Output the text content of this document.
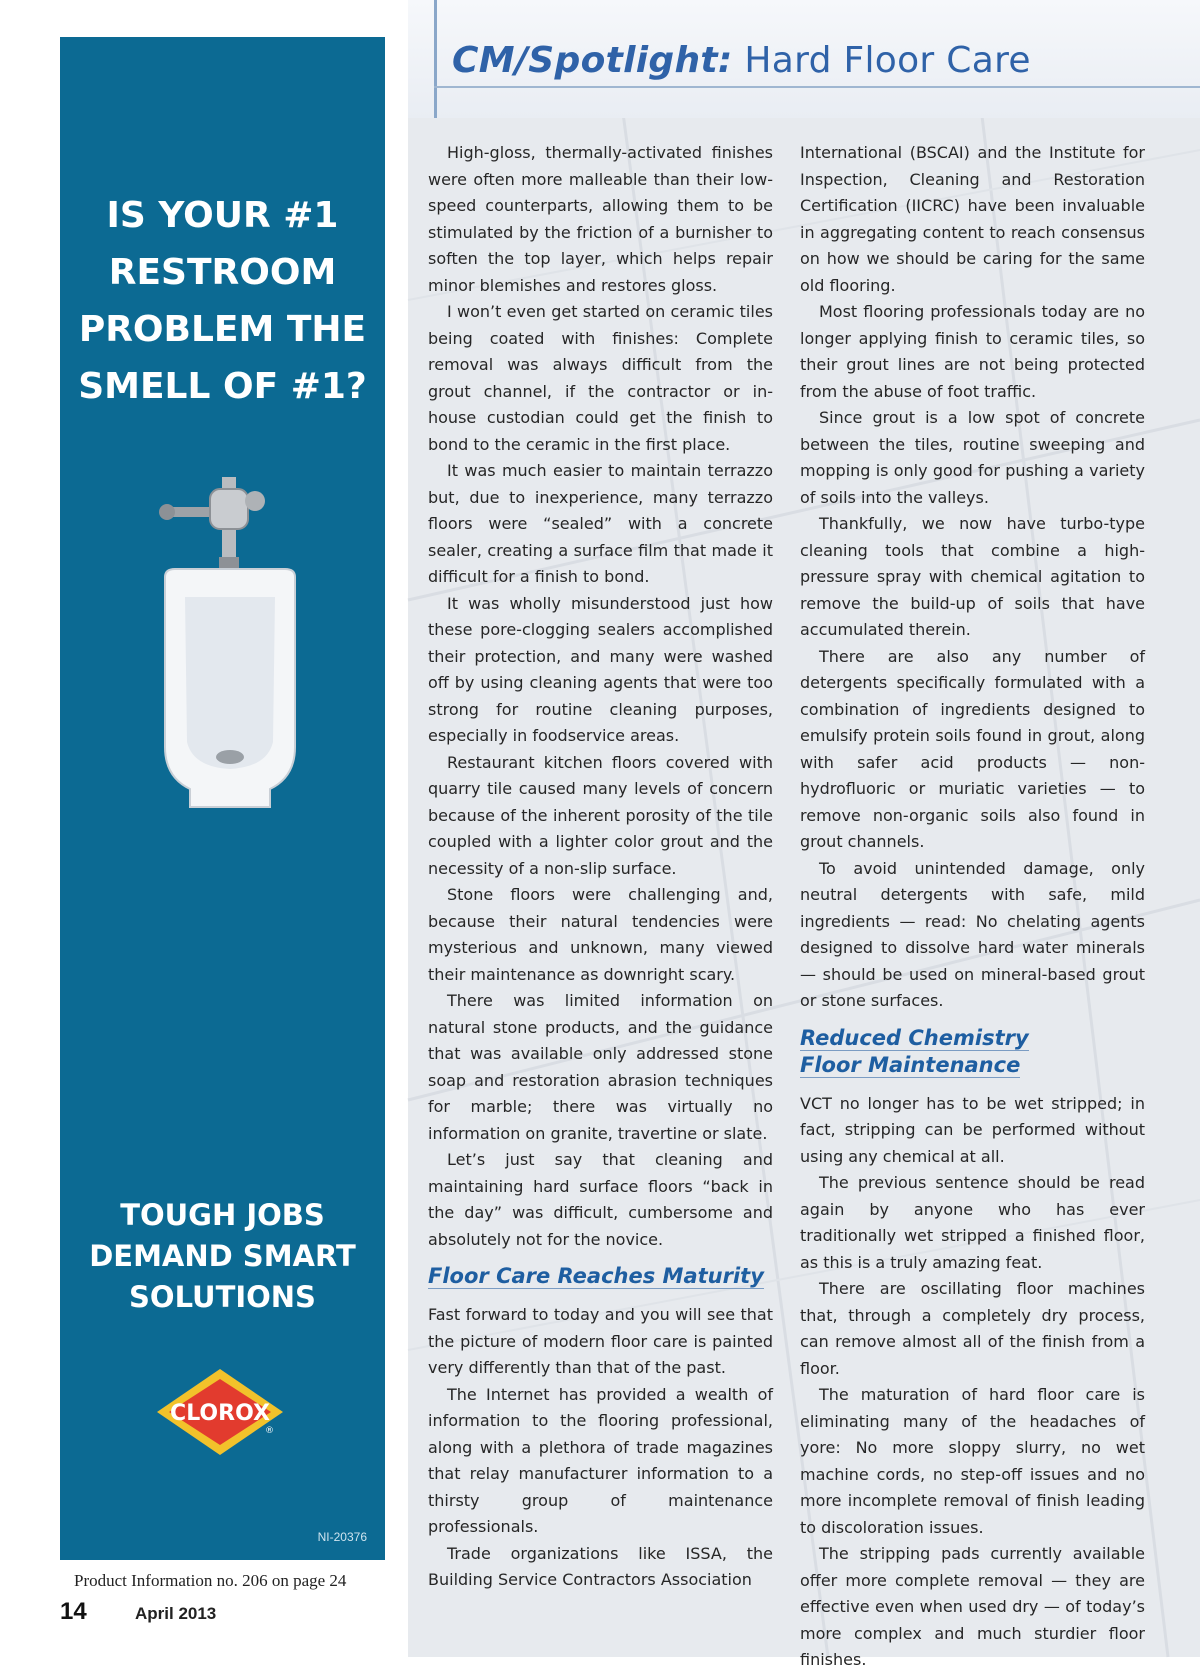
IS YOUR #1 RESTROOM PROBLEM THE SMELL OF #1?

TOUGH JOBS DEMAND SMART SOLUTIONS

CLOROX
®
NI-20376
Product Information no. 206 on page 24
14	April 2013
CM/Spotlight: Hard Floor Care

High-gloss, thermally-activated finishes were often more malleable than their low-speed counterparts, allowing them to be stimulated by the friction of a burnisher to soften the top layer, which helps repair minor blemishes and restores gloss.

I won’t even get started on ceramic tiles being coated with finishes: Complete removal was always difficult from the grout channel, if the contractor or in-house custodian could get the finish to bond to the ceramic in the first place.

It was much easier to maintain terrazzo but, due to inexperience, many terrazzo floors were “sealed” with a concrete sealer, creating a surface film that made it difficult for a finish to bond.

It was wholly misunderstood just how these pore-clogging sealers accomplished their protection, and many were washed off by using cleaning agents that were too strong for routine cleaning purposes, especially in foodservice areas.

Restaurant kitchen floors covered with quarry tile caused many levels of concern because of the inherent porosity of the tile coupled with a lighter color grout and the necessity of a non-slip surface.

Stone floors were challenging and, because their natural tendencies were mysterious and unknown, many viewed their maintenance as downright scary.

There was limited information on natural stone products, and the guidance that was available only addressed stone soap and restoration abrasion techniques for marble; there was virtually no information on granite, travertine or slate.

Let’s just say that cleaning and maintaining hard surface floors “back in the day” was difficult, cumbersome and absolutely not for the novice.

Floor Care Reaches Maturity

Fast forward to today and you will see that the picture of modern floor care is painted very differently than that of the past.

The Internet has provided a wealth of information to the flooring professional, along with a plethora of trade magazines that relay manufacturer information to a thirsty group of maintenance professionals.

Trade organizations like ISSA, the Building Service Contractors Association

International (BSCAI) and the Institute for Inspection, Cleaning and Restoration Certification (IICRC) have been invaluable in aggregating content to reach consensus on how we should be caring for the same old flooring.

Most flooring professionals today are no longer applying finish to ceramic tiles, so their grout lines are not being protected from the abuse of foot traffic.

Since grout is a low spot of concrete between the tiles, routine sweeping and mopping is only good for pushing a variety of soils into the valleys.

Thankfully, we now have turbo-type cleaning tools that combine a high-pressure spray with chemical agitation to remove the build-up of soils that have accumulated therein.

There are also any number of detergents specifically formulated with a combination of ingredients designed to emulsify protein soils found in grout, along with safer acid products — non-hydrofluoric or muriatic varieties — to remove non-organic soils also found in grout channels.

To avoid unintended damage, only neutral detergents with safe, mild ingredients — read: No chelating agents designed to dissolve hard water minerals — should be used on mineral-based grout or stone surfaces.

Reduced Chemistry
Floor Maintenance

VCT no longer has to be wet stripped; in fact, stripping can be performed without using any chemical at all.

The previous sentence should be read again by anyone who has ever traditionally wet stripped a finished floor, as this is a truly amazing feat.

There are oscillating floor machines that, through a completely dry process, can remove almost all of the finish from a floor.

The maturation of hard floor care is eliminating many of the headaches of yore: No more sloppy slurry, no wet machine cords, no step-off issues and no more incomplete removal of finish leading to discoloration issues.

The stripping pads currently available offer more complete removal — they are effective even when used dry — of today’s more complex and much sturdier floor finishes.
